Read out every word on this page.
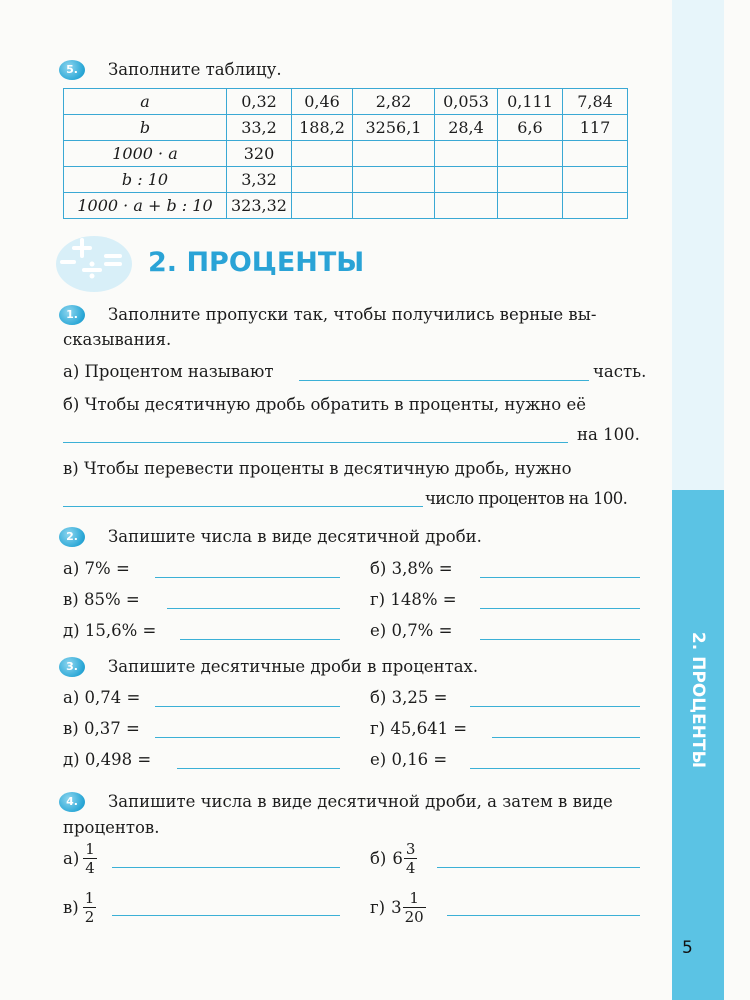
2. ПРОЦЕНТЫ
5.	Заполните таблицу.
a	0,32	0,46	2,82	0,053	0,111	7,84
b	33,2	188,2	3256,1	28,4	6,6	117
1000 · a	320					
b : 10	3,32					
1000 · a + b : 10	323,32					
2. ПРОЦЕНТЫ
1.	Заполните пропуски так, чтобы получились верные вы-
сказывания.
а) Процентом называют	часть.
б) Чтобы десятичную дробь обратить в проценты, нужно её
на 100.
в) Чтобы перевести проценты в десятичную дробь, нужно
число процентов на 100.
2.	Запишите числа в виде десятичной дроби.
а) 7% =	б) 3,8% =
в) 85% =	г) 148% =
д) 15,6% =	е) 0,7% =
3.	Запишите десятичные дроби в процентах.
а) 0,74 =	б) 3,25 =
в) 0,37 =	г) 45,641 =
д) 0,498 =	е) 0,16 =
4.	Запишите числа в виде десятичной дроби, а затем в виде
процентов.
$а) \frac{1}{4}$	б) $6 \frac{3}{4}$
$в) \frac{1}{2}$	г) $3 \frac{1}{20}$
5
